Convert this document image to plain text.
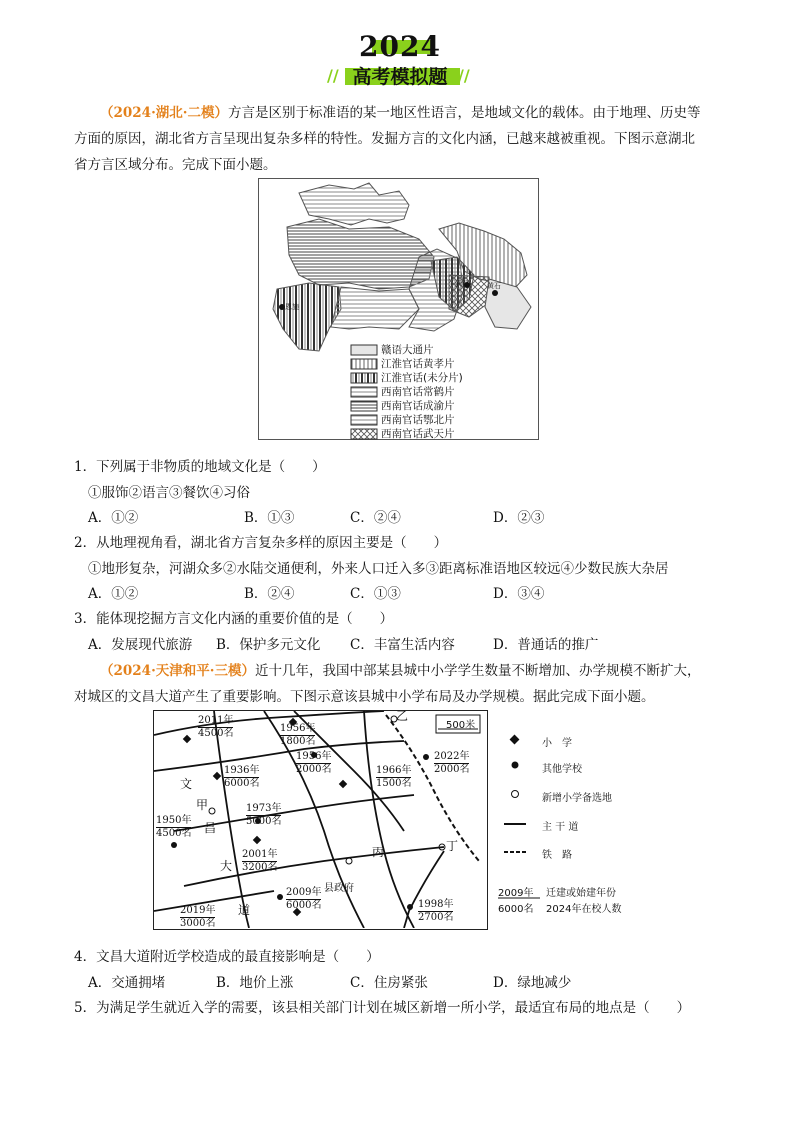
2024
//	//
高考模拟题
（2024·湖北·二模）方言是区别于标准语的某一地区性语言，是地域文化的载体。由于地理、历史等
方面的原因，湖北省方言呈现出复杂多样的特性。发掘方言的文化内涵，已越来越被重视。下图示意湖北
省方言区域分布。完成下面小题。
恩施
武汉	黄石
赣语大通片
江淮官话黄孝片
江淮官话(未分片)
西南官话常鹤片
西南官话成渝片
西南官话鄂北片
西南官话武天片
1．下列属于非物质的地域文化是（　　）
①服饰②语言③餐饮④习俗
A．①②	B．①③	C．②④	D．②③
2．从地理视角看，湖北省方言复杂多样的原因主要是（　　）
①地形复杂，河湖众多②水陆交通便利，外来人口迁入多③距离标准语地区较远④少数民族大杂居
A．①②	B．②④	C．①③	D．③④
3．能体现挖掘方言文化内涵的重要价值的是（　　）
A．发展现代旅游 B．保护多元文化 C．丰富生活内容	D．普通话的推广
（2024·天津和平·三模）近十几年，我国中部某县城中小学学生数量不断增加、办学规模不断扩大，
对城区的文昌大道产生了重要影响。下图示意该县城中小学布局及办学规模。据此完成下面小题。
500米
乙
甲
丙	丁
县政府
文
昌
大
道
2011年
4500名	1956年
1800名
1956年
2000名
2022年
2000名
1936年
6000名
1966年
1500名
1973年
5000名
1950年
4500名
2001年
3200名
2009年
6000名	1998年
2700名
2019年
3000名
小　学
其他学校
新增小学备选地
主 干 道
铁　路
2009年
6000名
迁建或始建年份
2024年在校人数
4．文昌大道附近学校造成的最直接影响是（　　）
A．交通拥堵	B．地价上涨	C．住房紧张	D．绿地减少
5．为满足学生就近入学的需要，该县相关部门计划在城区新增一所小学，最适宜布局的地点是（　　）
